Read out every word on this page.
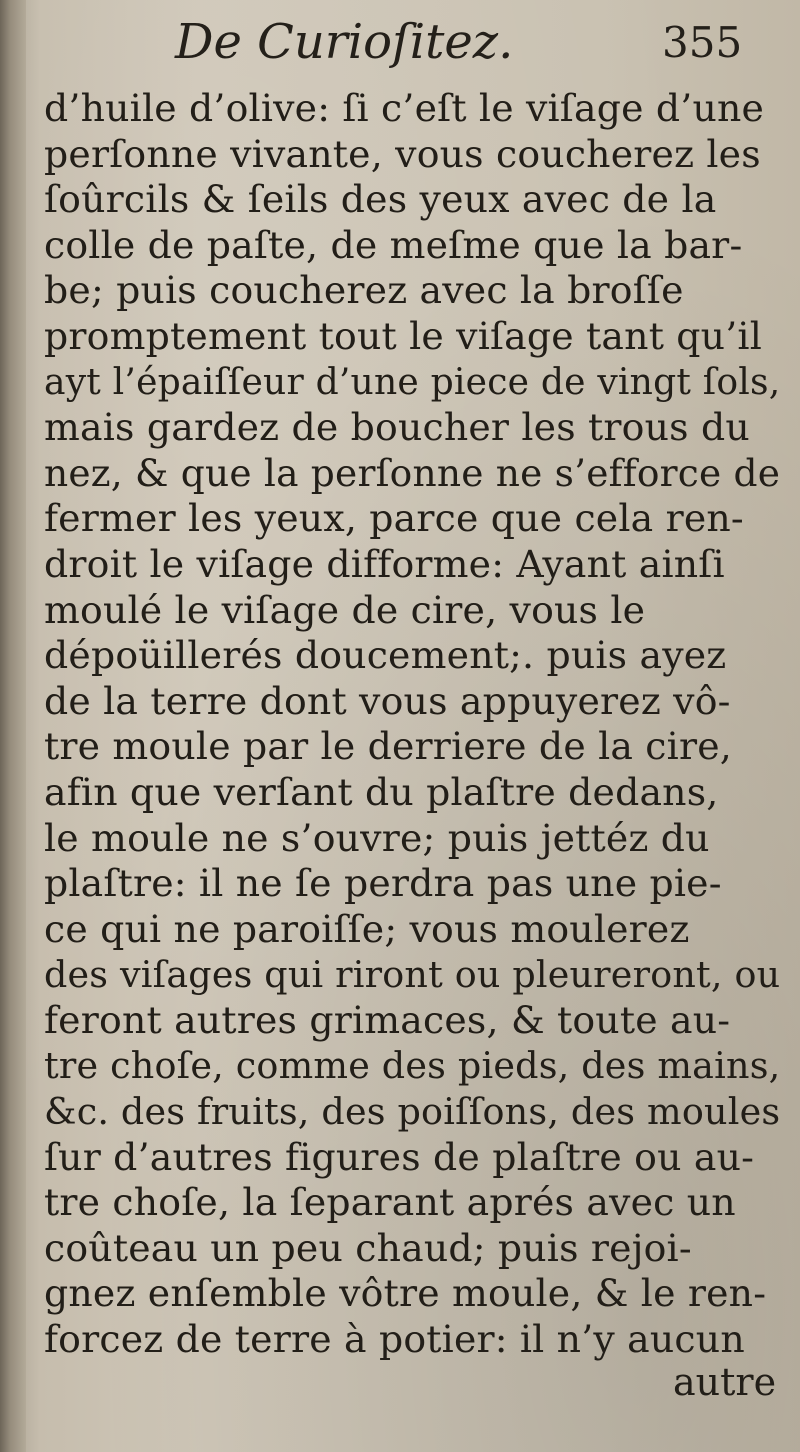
De Curioſitez.	355
d’huile d’olive: ſi c’eſt le viſage d’une
perſonne vivante, vous coucherez les
ſoûrcils & ſeils des yeux avec de la
colle de paſte, de meſme que la bar-
be; puis coucherez avec la broſſe
promptement tout le viſage tant qu’il
ayt l’épaiſſeur d’une piece de vingt ſols,
mais gardez de boucher les trous du
nez, & que la perſonne ne s’efforce de
fermer les yeux, parce que cela ren-
droit le viſage difforme: Ayant ainſi
moulé le viſage de cire, vous le
dépoüillerés doucement;. puis ayez
de la terre dont vous appuyerez vô-
tre moule par le derriere de la cire,
afin que verſant du plaſtre dedans,
le moule ne s’ouvre; puis jettéz du
plaſtre: il ne ſe perdra pas une pie-
ce qui ne paroiſſe; vous moulerez
des viſages qui riront ou pleureront, ou
feront autres grimaces, & toute au-
tre choſe, comme des pieds, des mains,
&c. des fruits, des poiſſons, des moules
ſur d’autres figures de plaſtre ou au-
tre choſe, la ſeparant aprés avec un
coûteau un peu chaud; puis rejoi-
gnez enſemble vôtre moule, & le ren-
forcez de terre à potier: il n’y aucun
autre
